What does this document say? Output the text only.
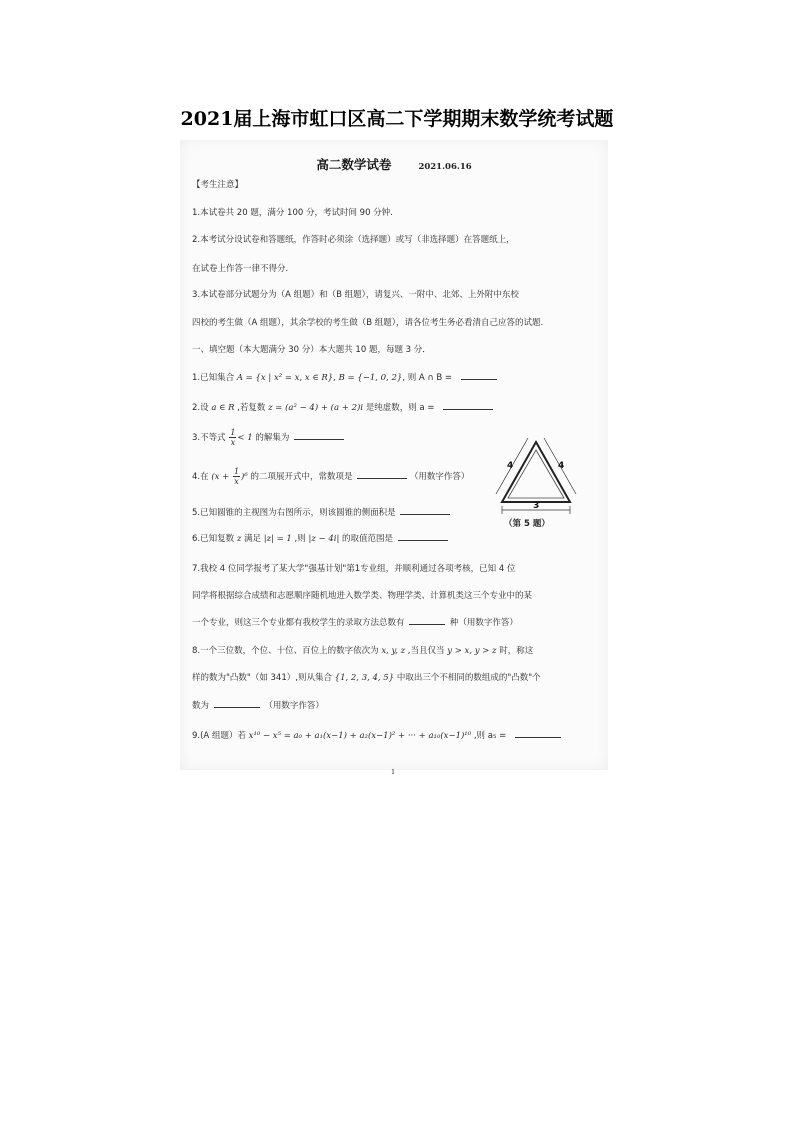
2021届上海市虹口区高二下学期期末数学统考试题
高二数学试卷	2021.06.16
【考生注意】
1.本试卷共 20 题，满分 100 分，考试时间 90 分钟.
2.本考试分设试卷和答题纸，作答时必须涂（选择题）或写（非选择题）在答题纸上，
在试卷上作答一律不得分.
3.本试卷部分试题分为（A 组题）和（B 组题），请复兴、一附中、北郊、上外附中东校
四校的考生做（A 组题），其余学校的考生做（B 组题），请各位考生务必看清自己应答的试题.
一、填空题（本大题满分 30 分）本大题共 10 题，每题 3 分．
1.已知集合 A = {x | x² = x, x ∈ R}, B = {−1, 0, 2}, 则 A ∩ B =
2.设 a ∈ R ,若复数 z = (a² − 4) + (a + 2)i 是纯虚数，则 a =
3.不等式 $\frac{1}{x} < 1$ 的解集为
4.在 $(x + \frac{1}{x} )^6$ 的二项展开式中，常数项是	（用数字作答）
5.已知圆锥的主视图为右图所示，则该圆锥的侧面积是
6.已知复数 z 满足 |z| = 1 ,则 |z − 4i| 的取值范围是
7.我校 4 位同学报考了某大学"强基计划"第1专业组，并顺利通过各项考核，已知 4 位
同学将根据综合成绩和志愿顺序随机地进入数学类、物理学类、计算机类这三个专业中的某
一个专业，则这三个专业都有我校学生的录取方法总数有	种（用数字作答）
8.一个三位数，个位、十位、百位上的数字依次为 x, y, z ,当且仅当 y > x, y > z 时，称这
样的数为"凸数"（如 341）,则从集合 {1, 2, 3, 4, 5} 中取出三个不相同的数组成的"凸数"个
数为	（用数字作答）
9.(A 组题）若 x¹⁰ − x⁵ = a₀ + a₁(x−1) + a₂(x−1)² + ··· + a₁₀(x−1)¹⁰ ,则 a₅ =
4	4
3
（第 5 题）
1
